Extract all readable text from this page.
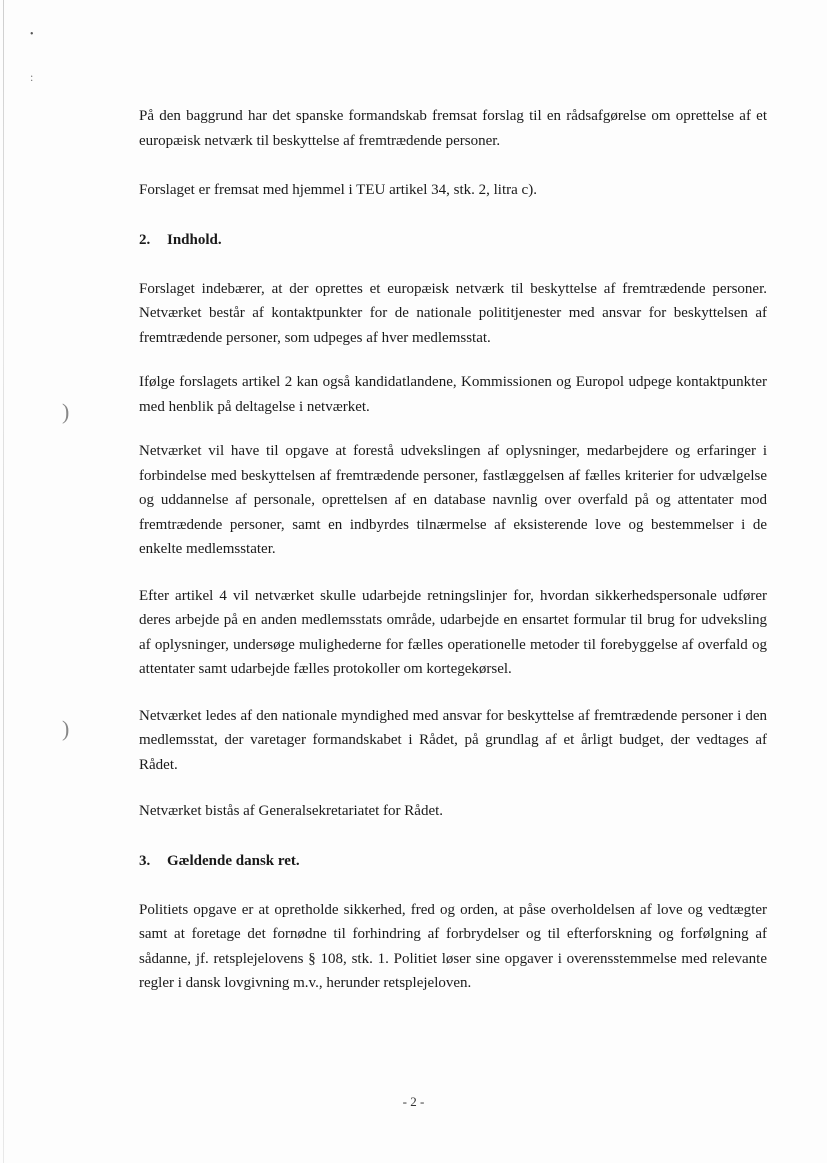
•
:
)
)

På den baggrund har det spanske formandskab fremsat forslag til en rådsafgørelse om oprettelse af et europæisk netværk til beskyttelse af fremtrædende personer.

Forslaget er fremsat med hjemmel i TEU artikel 34, stk. 2, litra c).

2. Indhold.

Forslaget indebærer, at der oprettes et europæisk netværk til beskyttelse af fremtrædende personer. Netværket består af kontaktpunkter for de nationale polititjenester med ansvar for beskyttelsen af fremtrædende personer, som udpeges af hver medlemsstat.

Ifølge forslagets artikel 2 kan også kandidatlandene, Kommissionen og Europol udpege kontaktpunkter med henblik på deltagelse i netværket.

Netværket vil have til opgave at forestå udvekslingen af oplysninger, medarbejdere og erfaringer i forbindelse med beskyttelsen af fremtrædende personer, fastlæggelsen af fælles kriterier for udvælgelse og uddannelse af personale, oprettelsen af en database navnlig over overfald på og attentater mod fremtrædende personer, samt en indbyrdes tilnærmelse af eksisterende love og bestemmelser i de enkelte medlemsstater.

Efter artikel 4 vil netværket skulle udarbejde retningslinjer for, hvordan sikkerhedspersonale udfører deres arbejde på en anden medlemsstats område, udarbejde en ensartet formular til brug for udveksling af oplysninger, undersøge mulighederne for fælles operationelle metoder til forebyggelse af overfald og attentater samt udarbejde fælles protokoller om kortegekørsel.

Netværket ledes af den nationale myndighed med ansvar for beskyttelse af fremtrædende personer i den medlemsstat, der varetager formandskabet i Rådet, på grundlag af et årligt budget, der vedtages af Rådet.

Netværket bistås af Generalsekretariatet for Rådet.

3. Gældende dansk ret.

Politiets opgave er at opretholde sikkerhed, fred og orden, at påse overholdelsen af love og vedtægter samt at foretage det fornødne til forhindring af forbrydelser og til efterforskning og forfølgning af sådanne, jf. retsplejelovens § 108, stk. 1. Politiet løser sine opgaver i overensstemmelse med relevante regler i dansk lovgivning m.v., herunder retsplejeloven.

- 2 -
